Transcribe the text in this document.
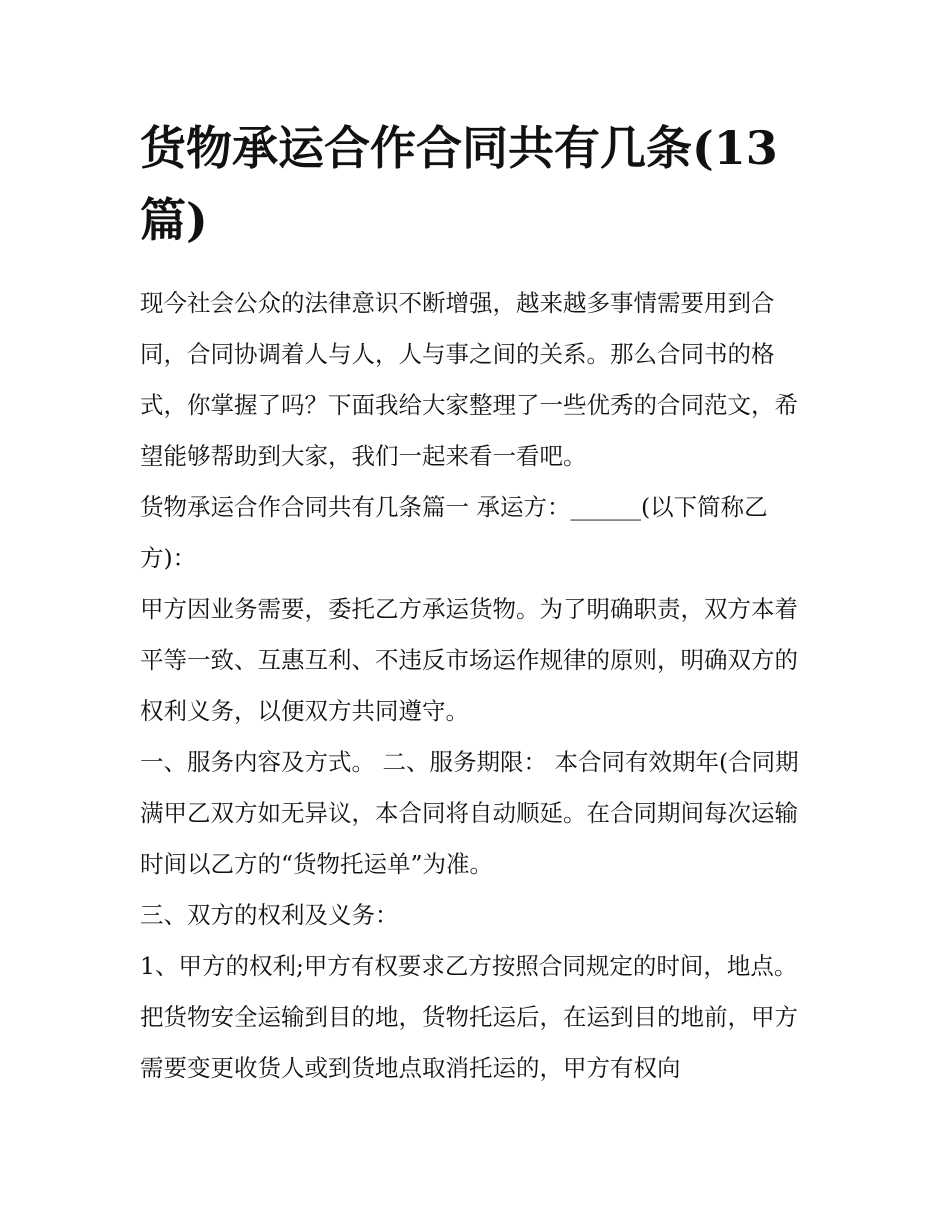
货物承运合作合同共有几条(13篇)

现今社会公众的法律意识不断增强，越来越多事情需要用到合同，合同协调着人与人，人与事之间的关系。那么合同书的格式，你掌握了吗？下面我给大家整理了一些优秀的合同范文，希望能够帮助到大家，我们一起来看一看吧。

货物承运合作合同共有几条篇一 承运方：______(以下简称乙方)：

甲方因业务需要，委托乙方承运货物。为了明确职责，双方本着平等一致、互惠互利、不违反市场运作规律的原则，明确双方的权利义务，以便双方共同遵守。

一、服务内容及方式。 二、服务期限： 本合同有效期年(合同期满甲乙双方如无异议，本合同将自动顺延。在合同期间每次运输时间以乙方的“货物托运单”为准。

三、双方的权利及义务：

1、甲方的权利;甲方有权要求乙方按照合同规定的时间，地点。把货物安全运输到目的地，货物托运后，在运到目的地前，甲方需要变更收货人或到货地点取消托运的，甲方有权向
